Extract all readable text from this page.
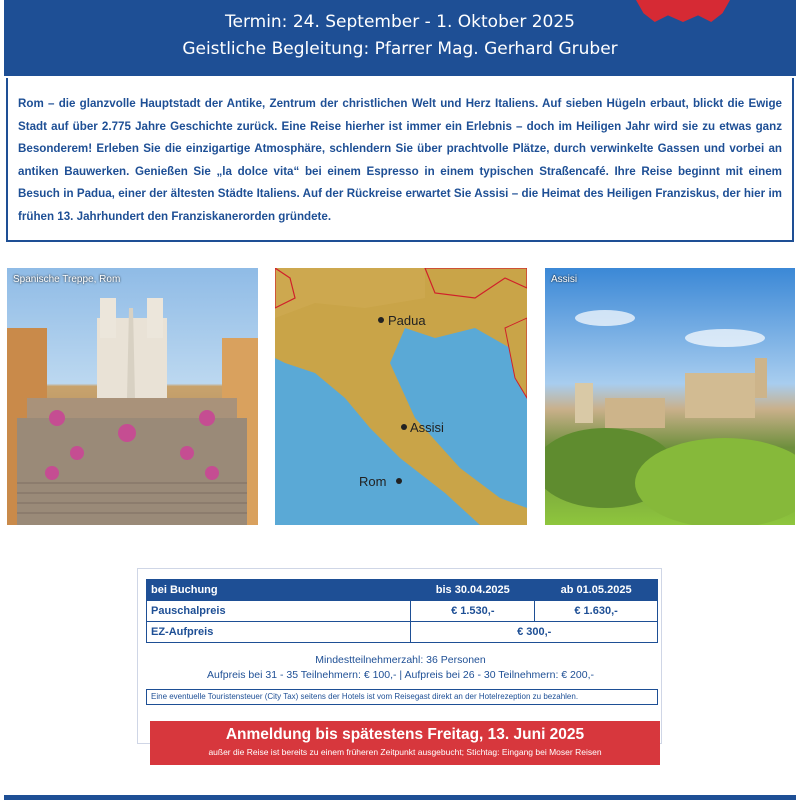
Termin: 24. September - 1. Oktober 2025
Geistliche Begleitung: Pfarrer Mag. Gerhard Gruber

Rom – die glanzvolle Hauptstadt der Antike, Zentrum der christlichen Welt und Herz Italiens. Auf sieben Hügeln erbaut, blickt die Ewige Stadt auf über 2.775 Jahre Geschichte zurück. Eine Reise hierher ist immer ein Erlebnis – doch im Heiligen Jahr wird sie zu etwas ganz Besonderem! Erleben Sie die einzigartige Atmosphäre, schlendern Sie über prachtvolle Plätze, durch verwinkelte Gassen und vorbei an antiken Bauwerken. Genießen Sie „la dolce vita“ bei einem Espresso in einem typischen Straßencafé. Ihre Reise beginnt mit einem Besuch in Padua, einer der ältesten Städte Italiens. Auf der Rückreise erwartet Sie Assisi – die Heimat des Heiligen Franziskus, der hier im frühen 13. Jahrhundert den Franziskanerorden gründete.

Spanische Treppe, Rom
Padua
Assisi
Rom
Assisi
bei Buchung	bis 30.04.2025	ab 01.05.2025
Pauschalpreis	€ 1.530,-	€ 1.630,-
EZ-Aufpreis	€ 300,-	
Mindestteilnehmerzahl: 36 Personen
Aufpreis bei 31 - 35 Teilnehmern: € 100,- | Aufpreis bei 26 - 30 Teilnehmern: € 200,-
Eine eventuelle Touristensteuer (City Tax) seitens der Hotels ist vom Reisegast direkt an der Hotelrezeption zu bezahlen.
Anmeldung bis spätestens Freitag, 13. Juni 2025
außer die Reise ist bereits zu einem früheren Zeitpunkt ausgebucht; Stichtag: Eingang bei Moser Reisen
